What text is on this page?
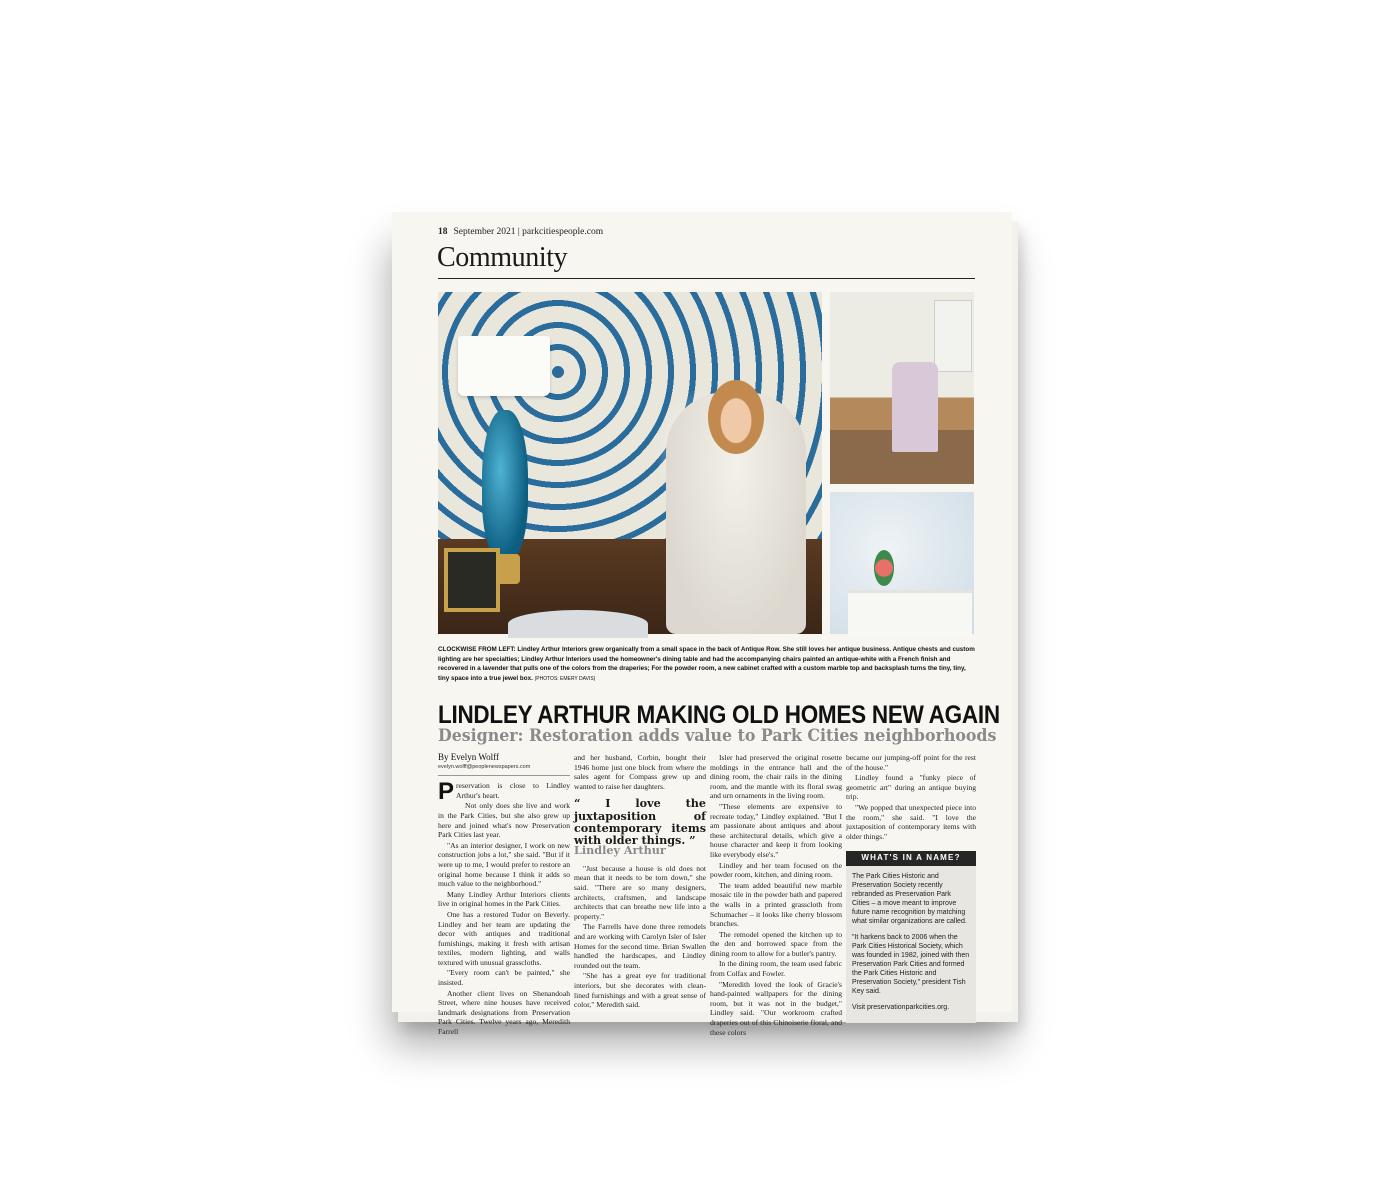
18 September 2021 | parkcitiespeople.com
Community
CLOCKWISE FROM LEFT: Lindley Arthur Interiors grew organically from a small space in the back of Antique Row. She still loves her antique business. Antique chests and custom lighting are her specialties; Lindley Arthur Interiors used the homeowner's dining table and had the accompanying chairs painted an antique-white with a French finish and recovered in a lavender that pulls one of the colors from the draperies; For the powder room, a new cabinet crafted with a custom marble top and backsplash turns the tiny, tiny, tiny space into a true jewel box. (PHOTOS: EMERY DAVIS)
LINDLEY ARTHUR MAKING OLD HOMES NEW AGAIN
Designer: Restoration adds value to Park Cities neighborhoods
By Evelyn Wolff
evelyn.wolff@peoplenewspapers.com

Preservation is close to Lindley Arthur's heart.

Not only does she live and work in the Park Cities, but she also grew up here and joined what's now Preservation Park Cities last year.

"As an interior designer, I work on new construction jobs a lot," she said. "But if it were up to me, I would prefer to restore an original home because I think it adds so much value to the neighborhood."

Many Lindley Arthur Interiors clients live in original homes in the Park Cities.

One has a restored Tudor on Beverly. Lindley and her team are updating the decor with antiques and traditional furnishings, making it fresh with artisan textiles, modern lighting, and walls textured with unusual grasscloths.

"Every room can't be painted," she insisted.

Another client lives on Shenandoah Street, where nine houses have received landmark designations from Preservation Park Cities. Twelve years ago, Meredith Farrell

and her husband, Corbin, bought their 1946 home just one block from where the sales agent for Compass grew up and wanted to raise her daughters.

“ I love the juxtaposition of contemporary items with older things. ”
Lindley Arthur

"Just because a house is old does not mean that it needs to be torn down," she said. "There are so many designers, architects, craftsmen, and landscape architects that can breathe new life into a property."

The Farrells have done three remodels and are working with Carolyn Isler of Isler Homes for the second time. Brian Swallen handled the hardscapes, and Lindley rounded out the team.

"She has a great eye for traditional interiors, but she decorates with clean-lined furnishings and with a great sense of color," Meredith said.

Isler had preserved the original rosette moldings in the entrance hall and the dining room, the chair rails in the dining room, and the mantle with its floral swag and urn ornaments in the living room.

"These elements are expensive to recreate today," Lindley explained. "But I am passionate about antiques and about these architectural details, which give a house character and keep it from looking like everybody else's."

Lindley and her team focused on the powder room, kitchen, and dining room.

The team added beautiful new marble mosaic tile in the powder bath and papered the walls in a printed grasscloth from Schumacher – it looks like cherry blossom branches.

The remodel opened the kitchen up to the den and borrowed space from the dining room to allow for a butler's pantry.

In the dining room, the team used fabric from Colfax and Fowler.

"Meredith loved the look of Gracie's hand-painted wallpapers for the dining room, but it was not in the budget," Lindley said. "Our workroom crafted draperies out of this Chinoiserie floral, and these colors

became our jumping-off point for the rest of the house."

Lindley found a "funky piece of geometric art" during an antique buying trip.

"We popped that unexpected piece into the room," she said. "I love the juxtaposition of contemporary items with older things."

WHAT'S IN A NAME?

The Park Cities Historic and Preservation Society recently rebranded as Preservation Park Cities – a move meant to improve future name recognition by matching what similar organizations are called.

"It harkens back to 2006 when the Park Cities Historical Society, which was founded in 1982, joined with then Preservation Park Cities and formed the Park Cities Historic and Preservation Society," president Tish Key said.

Visit preservationparkcities.org.
